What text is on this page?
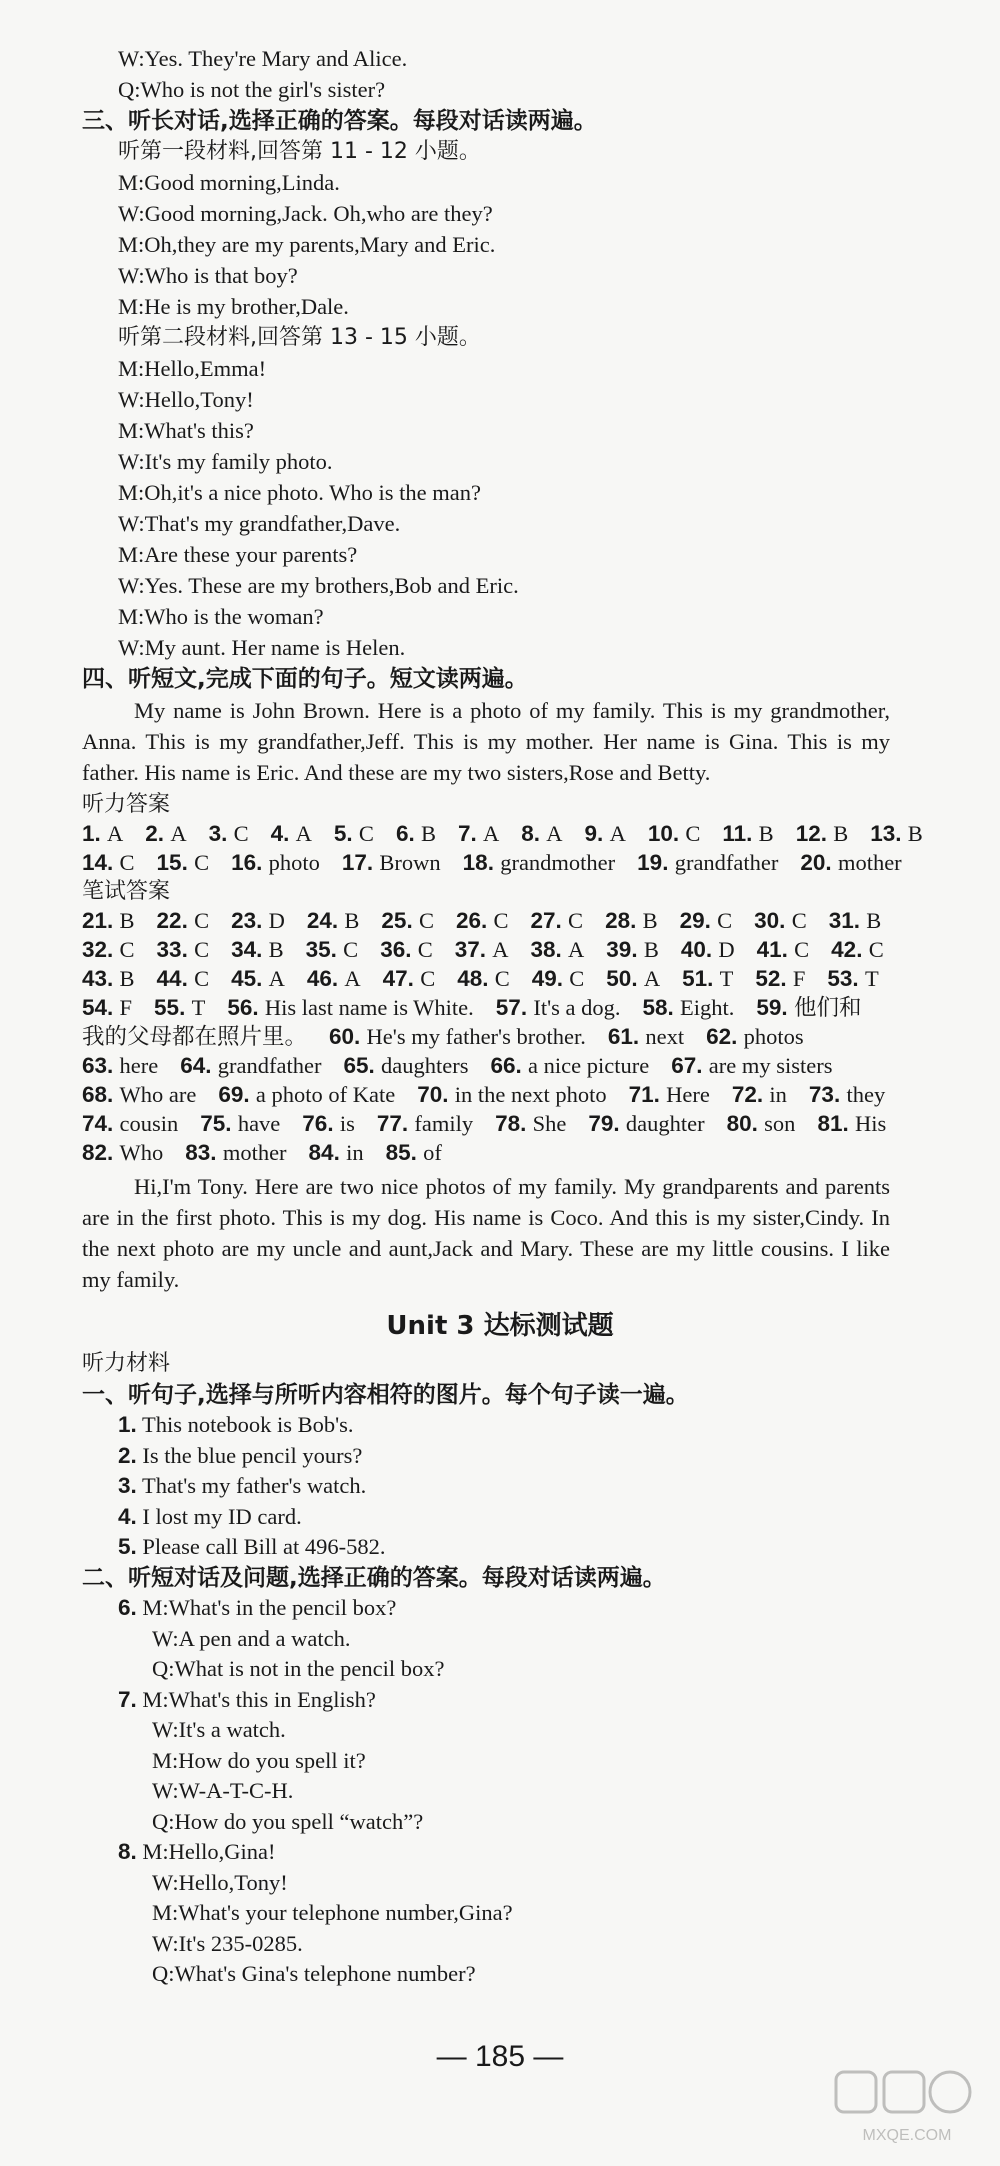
W:Yes. They're Mary and Alice.
Q:Who is not the girl's sister?
三、听长对话,选择正确的答案。每段对话读两遍。
听第一段材料,回答第 11 - 12 小题。
M:Good morning,Linda.
W:Good morning,Jack. Oh,who are they?
M:Oh,they are my parents,Mary and Eric.
W:Who is that boy?
M:He is my brother,Dale.
听第二段材料,回答第 13 - 15 小题。
M:Hello,Emma!
W:Hello,Tony!
M:What's this?
W:It's my family photo.
M:Oh,it's a nice photo. Who is the man?
W:That's my grandfather,Dave.
M:Are these your parents?
W:Yes. These are my brothers,Bob and Eric.
M:Who is the woman?
W:My aunt. Her name is Helen.
四、听短文,完成下面的句子。短文读两遍。
My name is John Brown. Here is a photo of my family. This is my grandmother, Anna. This is my grandfather,Jeff. This is my mother. Her name is Gina. This is my father. His name is Eric. And these are my two sisters,Rose and Betty.
听力答案
1. A 2. A 3. C 4. A 5. C 6. B 7. A 8. A 9. A 10. C 11. B 12. B 13. B
14. C 15. C 16. photo 17. Brown 18. grandmother 19. grandfather 20. mother
笔试答案
21. B 22. C 23. D 24. B 25. C 26. C 27. C 28. B 29. C 30. C 31. B
32. C 33. C 34. B 35. C 36. C 37. A 38. A 39. B 40. D 41. C 42. C
43. B 44. C 45. A 46. A 47. C 48. C 49. C 50. A 51. T 52. F 53. T
54. F 55. T 56. His last name is White. 57. It's a dog. 58. Eight. 59. 他们和
我的父母都在照片里。 60. He's my father's brother. 61. next 62. photos
63. here 64. grandfather 65. daughters 66. a nice picture 67. are my sisters
68. Who are 69. a photo of Kate 70. in the next photo 71. Here 72. in 73. they
74. cousin 75. have 76. is 77. family 78. She 79. daughter 80. son 81. His
82. Who 83. mother 84. in 85. of
Hi,I'm Tony. Here are two nice photos of my family. My grandparents and parents are in the first photo. This is my dog. His name is Coco. And this is my sister,Cindy. In the next photo are my uncle and aunt,Jack and Mary. These are my little cousins. I like my family.
Unit 3 达标测试题
听力材料
一、听句子,选择与所听内容相符的图片。每个句子读一遍。
1. This notebook is Bob's.
2. Is the blue pencil yours?
3. That's my father's watch.
4. I lost my ID card.
5. Please call Bill at 496-582.
二、听短对话及问题,选择正确的答案。每段对话读两遍。
6. M:What's in the pencil box?
W:A pen and a watch.
Q:What is not in the pencil box?
7. M:What's this in English?
W:It's a watch.
M:How do you spell it?
W:W-A-T-C-H.
Q:How do you spell “watch”?
8. M:Hello,Gina!
W:Hello,Tony!
M:What's your telephone number,Gina?
W:It's 235-0285.
Q:What's Gina's telephone number?
— 185 —
MXQE.COM
